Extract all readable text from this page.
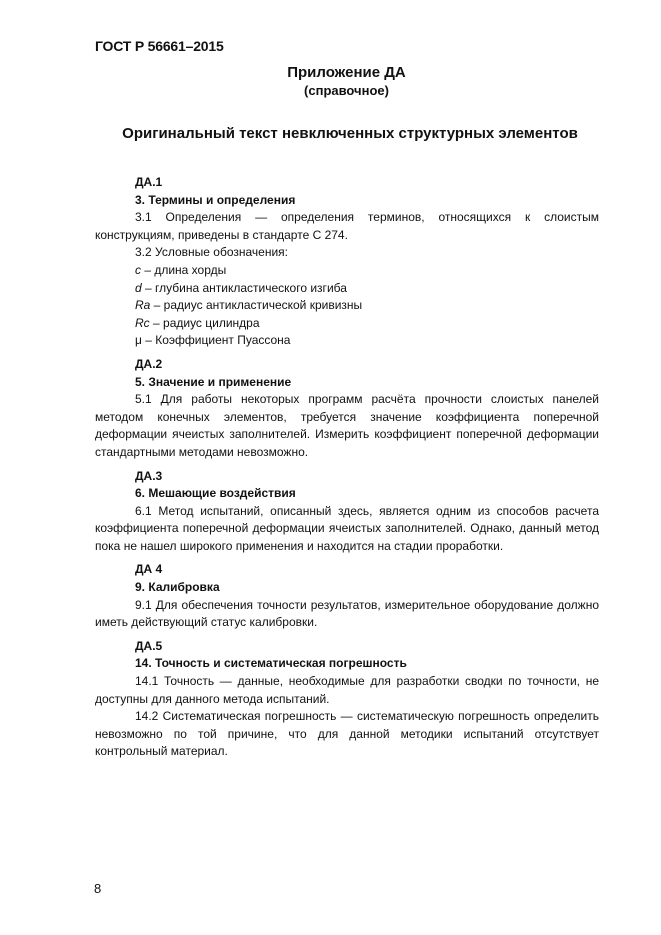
ГОСТ Р 56661–2015
Приложение ДА
(справочное)
Оригинальный текст невключенных структурных элементов

ДА.1

3. Термины и определения

3.1 Определения — определения терминов, относящихся к слоистым конструкциям, приведены в стандарте С 274.

3.2 Условные обозначения:

c – длина хорды

d – глубина антикластического изгиба

Ra – радиус антикластической кривизны

Rc – радиус цилиндра

μ – Коэффициент Пуассона

ДА.2

5. Значение и применение

5.1 Для работы некоторых программ расчёта прочности слоистых панелей методом конечных элементов, требуется значение коэффициента поперечной деформации ячеистых заполнителей. Измерить коэффициент поперечной деформации стандартными методами невозможно.

ДА.3

6. Мешающие воздействия

6.1 Метод испытаний, описанный здесь, является одним из способов расчета коэффициента поперечной деформации ячеистых заполнителей. Однако, данный метод пока не нашел широкого применения и находится на стадии проработки.

ДА 4

9. Калибровка

9.1 Для обеспечения точности результатов, измерительное оборудование должно иметь действующий статус калибровки.

ДА.5

14. Точность и систематическая погрешность

14.1 Точность — данные, необходимые для разработки сводки по точности, не доступны для данного метода испытаний.

14.2 Систематическая погрешность — систематическую погрешность определить невозможно по той причине, что для данной методики испытаний отсутствует контрольный материал.

8
